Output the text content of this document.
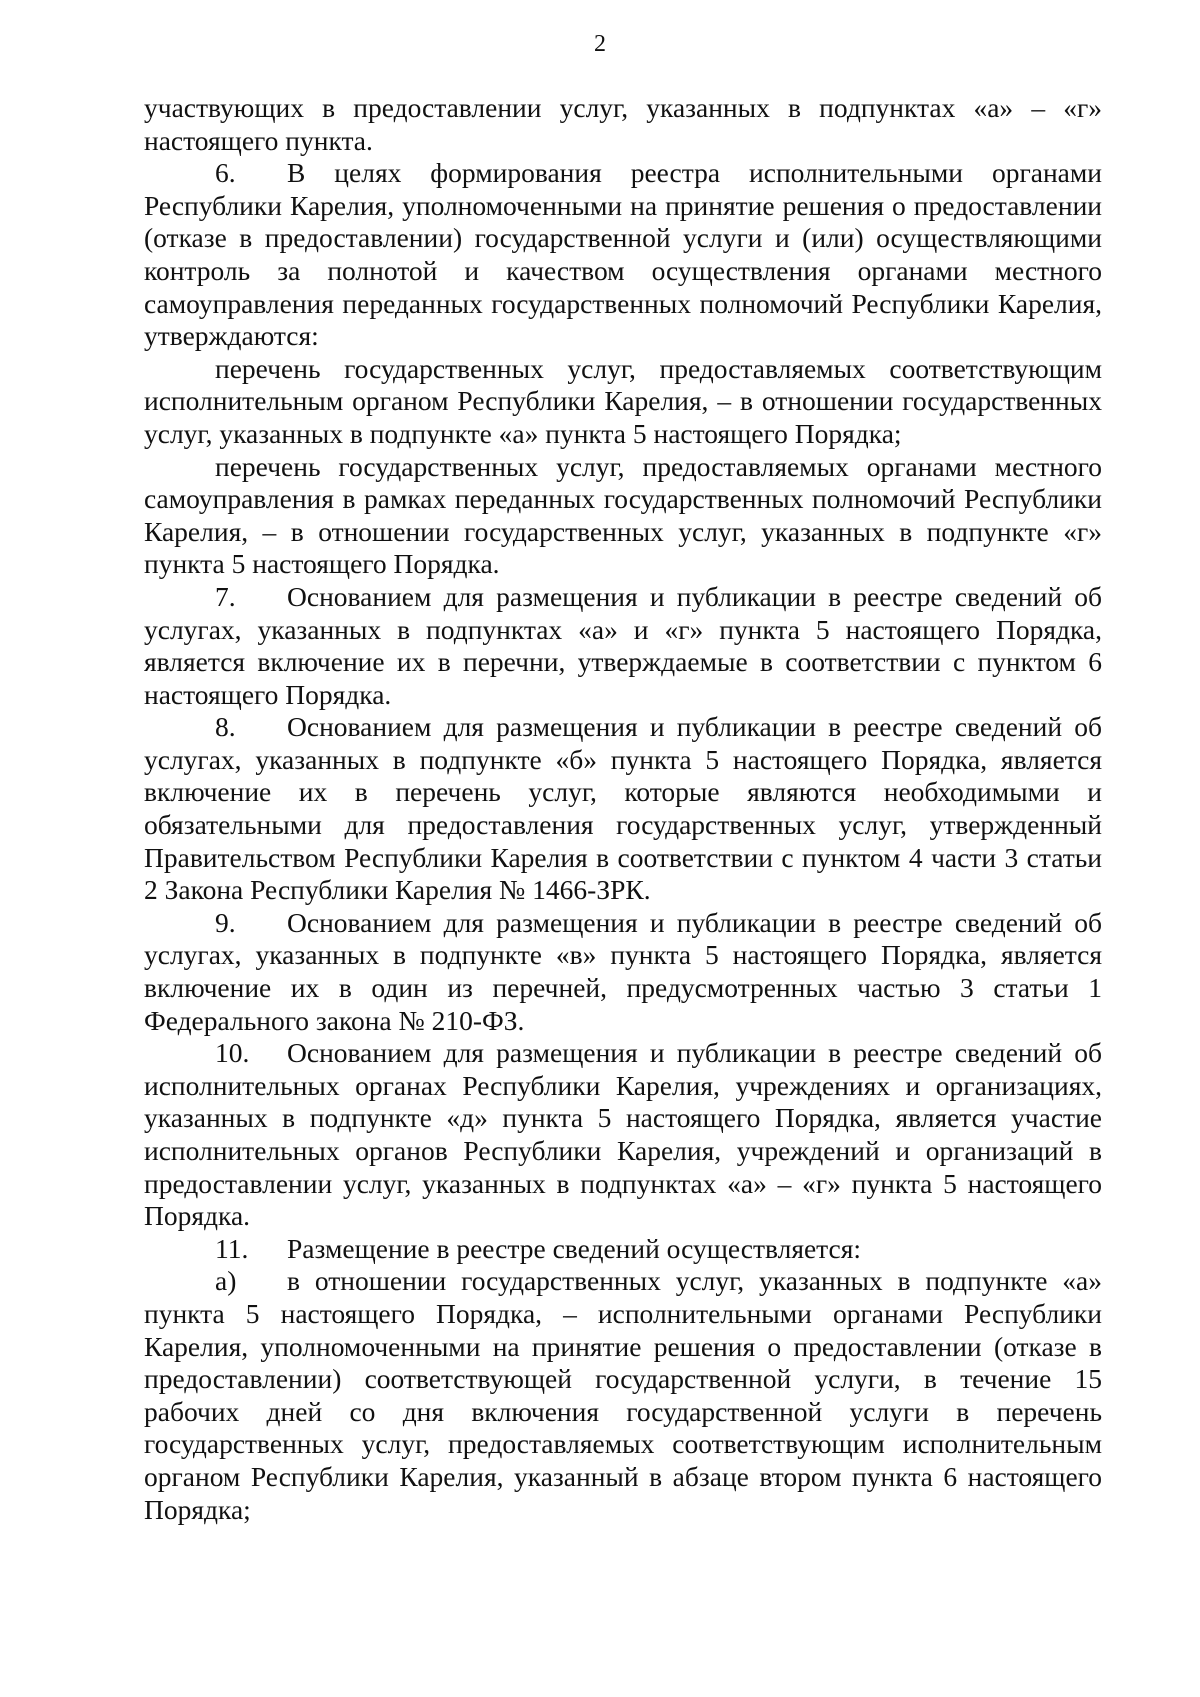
2

участвующих в предоставлении услуг, указанных в подпунктах «а» – «г» настоящего пункта.

6. В целях формирования реестра исполнительными органами Республики Карелия, уполномоченными на принятие решения о предоставлении (отказе в предоставлении) государственной услуги и (или) осуществляющими контроль за полнотой и качеством осуществления органами местного самоуправления переданных государственных полномочий Республики Карелия, утверждаются:

перечень государственных услуг, предоставляемых соответствующим исполнительным органом Республики Карелия, – в отношении государственных услуг, указанных в подпункте «а» пункта 5 настоящего Порядка;

перечень государственных услуг, предоставляемых органами местного самоуправления в рамках переданных государственных полномочий Республики Карелия, – в отношении государственных услуг, указанных в подпункте «г» пункта 5 настоящего Порядка.

7. Основанием для размещения и публикации в реестре сведений об услугах, указанных в подпунктах «а» и «г» пункта 5 настоящего Порядка, является включение их в перечни, утверждаемые в соответствии с пунктом 6 настоящего Порядка.

8. Основанием для размещения и публикации в реестре сведений об услугах, указанных в подпункте «б» пункта 5 настоящего Порядка, является включение их в перечень услуг, которые являются необходимыми и обязательными для предоставления государственных услуг, утвержденный Правительством Республики Карелия в соответствии с пунктом 4 части 3 статьи 2 Закона Республики Карелия № 1466-ЗРК.

9. Основанием для размещения и публикации в реестре сведений об услугах, указанных в подпункте «в» пункта 5 настоящего Порядка, является включение их в один из перечней, предусмотренных частью 3 статьи 1 Федерального закона № 210-ФЗ.

10. Основанием для размещения и публикации в реестре сведений об исполнительных органах Республики Карелия, учреждениях и организациях, указанных в подпункте «д» пункта 5 настоящего Порядка, является участие исполнительных органов Республики Карелия, учреждений и организаций в предоставлении услуг, указанных в подпунктах «а» – «г» пункта 5 настоящего Порядка.

11. Размещение в реестре сведений осуществляется:

а) в отношении государственных услуг, указанных в подпункте «а» пункта 5 настоящего Порядка, – исполнительными органами Республики Карелия, уполномоченными на принятие решения о предоставлении (отказе в предоставлении) соответствующей государственной услуги, в течение 15 рабочих дней со дня включения государственной услуги в перечень государственных услуг, предоставляемых соответствующим исполнительным органом Республики Карелия, указанный в абзаце втором пункта 6 настоящего Порядка;
